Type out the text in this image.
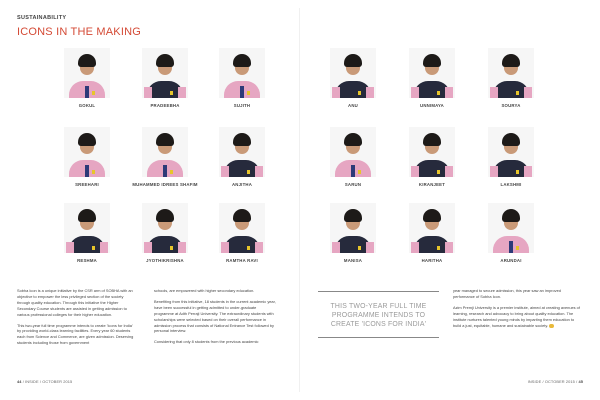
SUSTAINABILITY
ICONS IN THE MAKING
GOKUL	PRADEEBHA	SUJITH	ANU	UNNIMAYA	SOURYA
SREEHARI	MUHAMMED IDREES SHAFIM	ANJITHA	SARUN	KIRANJEET	LAKSHMI
RESHMA	JYOTHIKRISHNA	RAMTHA RAVI	MANISA	HARITHA	ARUNDAI

Sobha Icon is a unique initiative by the CSR arm of SOBHA with an objective to empower the less privileged section of the society through quality education. Through this initiative the Higher Secondary Course students are assisted in getting admission to various professional colleges for their higher education.

This two-year full time programme intends to create 'Icons for India' by providing world-class learning facilities. Every year 60 students each from Science and Commerce, are given admission. Deserving students including those from government

schools, are empowered with higher secondary education.

Benefiting from this initiative, 18 students in the current academic year, have been successful in getting admitted to under-graduate programme at Adth Perraji University. The extraordinary students with scholarships were selected based on their overall performance in admission process that consists of National Entrance Test followed by personal interview.

Considering that only 8 students from the previous academic

THIS TWO-YEAR FULL TIME PROGRAMME INTENDS TO CREATE 'ICONS FOR INDIA'

year managed to secure admission, this year saw an improved performance of Sobha Icon.

Azim Premji University is a premier institute, aimed at creating avenues of learning, research and advocacy to bring about quality education. The institute nurtures talented young minds by imparting them education to build a just, equitable, humane and sustainable society.

44 / INSIDE / OCTOBER 2015	INSIDE / OCTOBER 2015 / 45
